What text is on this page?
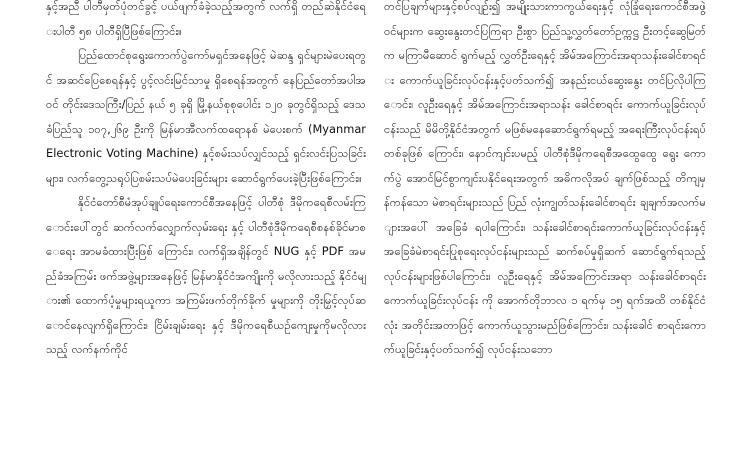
နှင့်အညီ ပါတီမှတ်ပုံတင်ခွင့် ပယ်ဖျက်ခံခဲ့သည့်အတွက် လက်ရှိ တည်ဆဲနိုင်ငံရေးပါတီ ၅၈ ပါတီရှိပြီဖြစ်ကြောင်း။

ပြည်ထောင်စုရွေးကောက်ပွဲကော်မရှင်အနေဖြင့် မဲဆန္ဒ ရှင်များမဲပေးရတွင် အဆင်ပြေစေရန်နှင့် ပွင့်လင်းမြင်သာမှု ရှိစေရန်အတွက် နေပြည်တော်အပါအဝင် တိုင်းဒေသကြီး/ပြည် နယ် ၅ ခုရှိ မြို့နယ်စုစုပေါင်း ၁၂၀ ခုတွင်ရှိသည့် ဒေသခံပြည်သူ ၁၀၇,၂၆၉ ဦးကို မြန်မာအီလက်ထရောနစ် မဲပေးစက် (Myanmar Electronic Voting Machine) နှင့်စမ်းသပ်လျှင်သည့် ရှင်းလင်းပြသခြင်းများ၊ လက်တွေ့သရုပ်ပြစမ်းသပ်မဲပေးခြင်းများ ဆောင်ရွက်ပေးခဲ့ပြီးဖြစ်ကြောင်း။

နိုင်ငံတော်စီမံအုပ်ချုပ်ရေးကောင်စီအနေဖြင့် ပါတီစုံ ဒီမိုကရေစီလမ်းကြောင်းပေါ်တွင် ဆက်လက်လျှောက်လှမ်းရေး နှင့် ပါတီစုံဒီမိုကရေစီစနစ်ခိုင်မာစေရေး အာမခံထားပြီးဖြစ် ကြောင်း၊ လက်ရှိအချိန်တွင် NUG နှင့် PDF အမည်ခံအကြမ်း ဖက်အဖွဲ့များအနေဖြင့် မြန်မာနိုင်ငံအကျိုးကို မလိုလားသည့် နိုင်ငံများ၏ ထောက်ပံ့မှုများရယူကာ အကြမ်းဖက်တိုက်ခိုက် မှုများကို တိုးမြှင့်လုပ်ဆောင်နေလျက်ရှိကြောင်း၊ ငြိမ်းချမ်းရေး နှင့် ဒီမိုကရေစီယဉ်ကျေးမှုကိုမလိုလားသည့် လက်နက်ကိုင်

တင်ပြချက်များနှင့်စပ်လျဉ်း၍ အမျိုးသားကာကွယ်ရေးနှင့် လုံခြုံရေးကောင်စီအဖွဲ့ဝင်များက ဆွေးနွေးတင်ပြကြရာ ဦးစွာ ပြည်သူ့လွှတ်တော်ဥက္ကဋ္ဌ ဦးတင့်ဆွေမြတ်က မကြာမီဆောင် ရွက်မည့် လွှတ်ဦးရေနှင့် အိမ်အကြောင်းအရာသန်းခေါင်စာရင်း ကောက်ယူခြင်းလုပ်ငန်းနှင့်ပတ်သက်၍ အနည်းငယ်ဆွေးနွေး တင်ပြလိုပါကြောင်း၊ လူဦးရေနှင့် အိမ်အကြောင်းအရာသန်း ခေါင်စာရင်း ကောက်ယူခြင်းလုပ်ငန်းသည် မိမိတို့နိုင်ငံအတွက် မဖြစ်မနေဆောင်ရွက်ရမည့် အရေးကြီးလုပ်ငန်းရပ်တစ်ခုဖြစ် ကြောင်း၊ နောင်ကျင်းပမည့် ပါတီစုံဒီမိုကရေစီအထွေထွေ ရွေး ကောက်ပွဲ အောင်မြင်စွာကျင်းပနိုင်ရေးအတွက် အဓိကလိုအပ် ချက်ဖြစ်သည့် တိကျမှန်ကန်သော မဲစာရင်းများသည် ပြည် လုံးကျွတ်သန်းခေါင်စာရင်း ချချက်အလက်များအပေါ် အခြေခံ ရပါကြောင်း၊ သန်းခေါင်စာရင်းကောက်ယူခြင်းလုပ်ငန်းနှင့် အခြေခံမဲစာရင်းပြုစုရေးလုပ်ငန်းများသည် ဆက်စပ်မှုရှိဆက် ဆောင်ရွက်ရသည့် လုပ်ငန်းများဖြစ်ပါကြောင်း၊ လူဦးရေနှင့် အိမ်အကြောင်းအရာ သန်းခေါင်စာရင်း ကောက်ယူခြင်းလုပ်ငန်း ကို အောက်တိုဘာလ ၁ ရက်မှ ၁၅ ရက်အထိ တစ်နိုင်ငံလုံး အတိုင်းအတာဖြင့် ကောက်ယူသွားမည်ဖြစ်ကြောင်း၊ သန်းခေါင် စာရင်းကောက်ယူခြင်းနှင့်ပတ်သက်၍ လုပ်ငန်းသဘော
